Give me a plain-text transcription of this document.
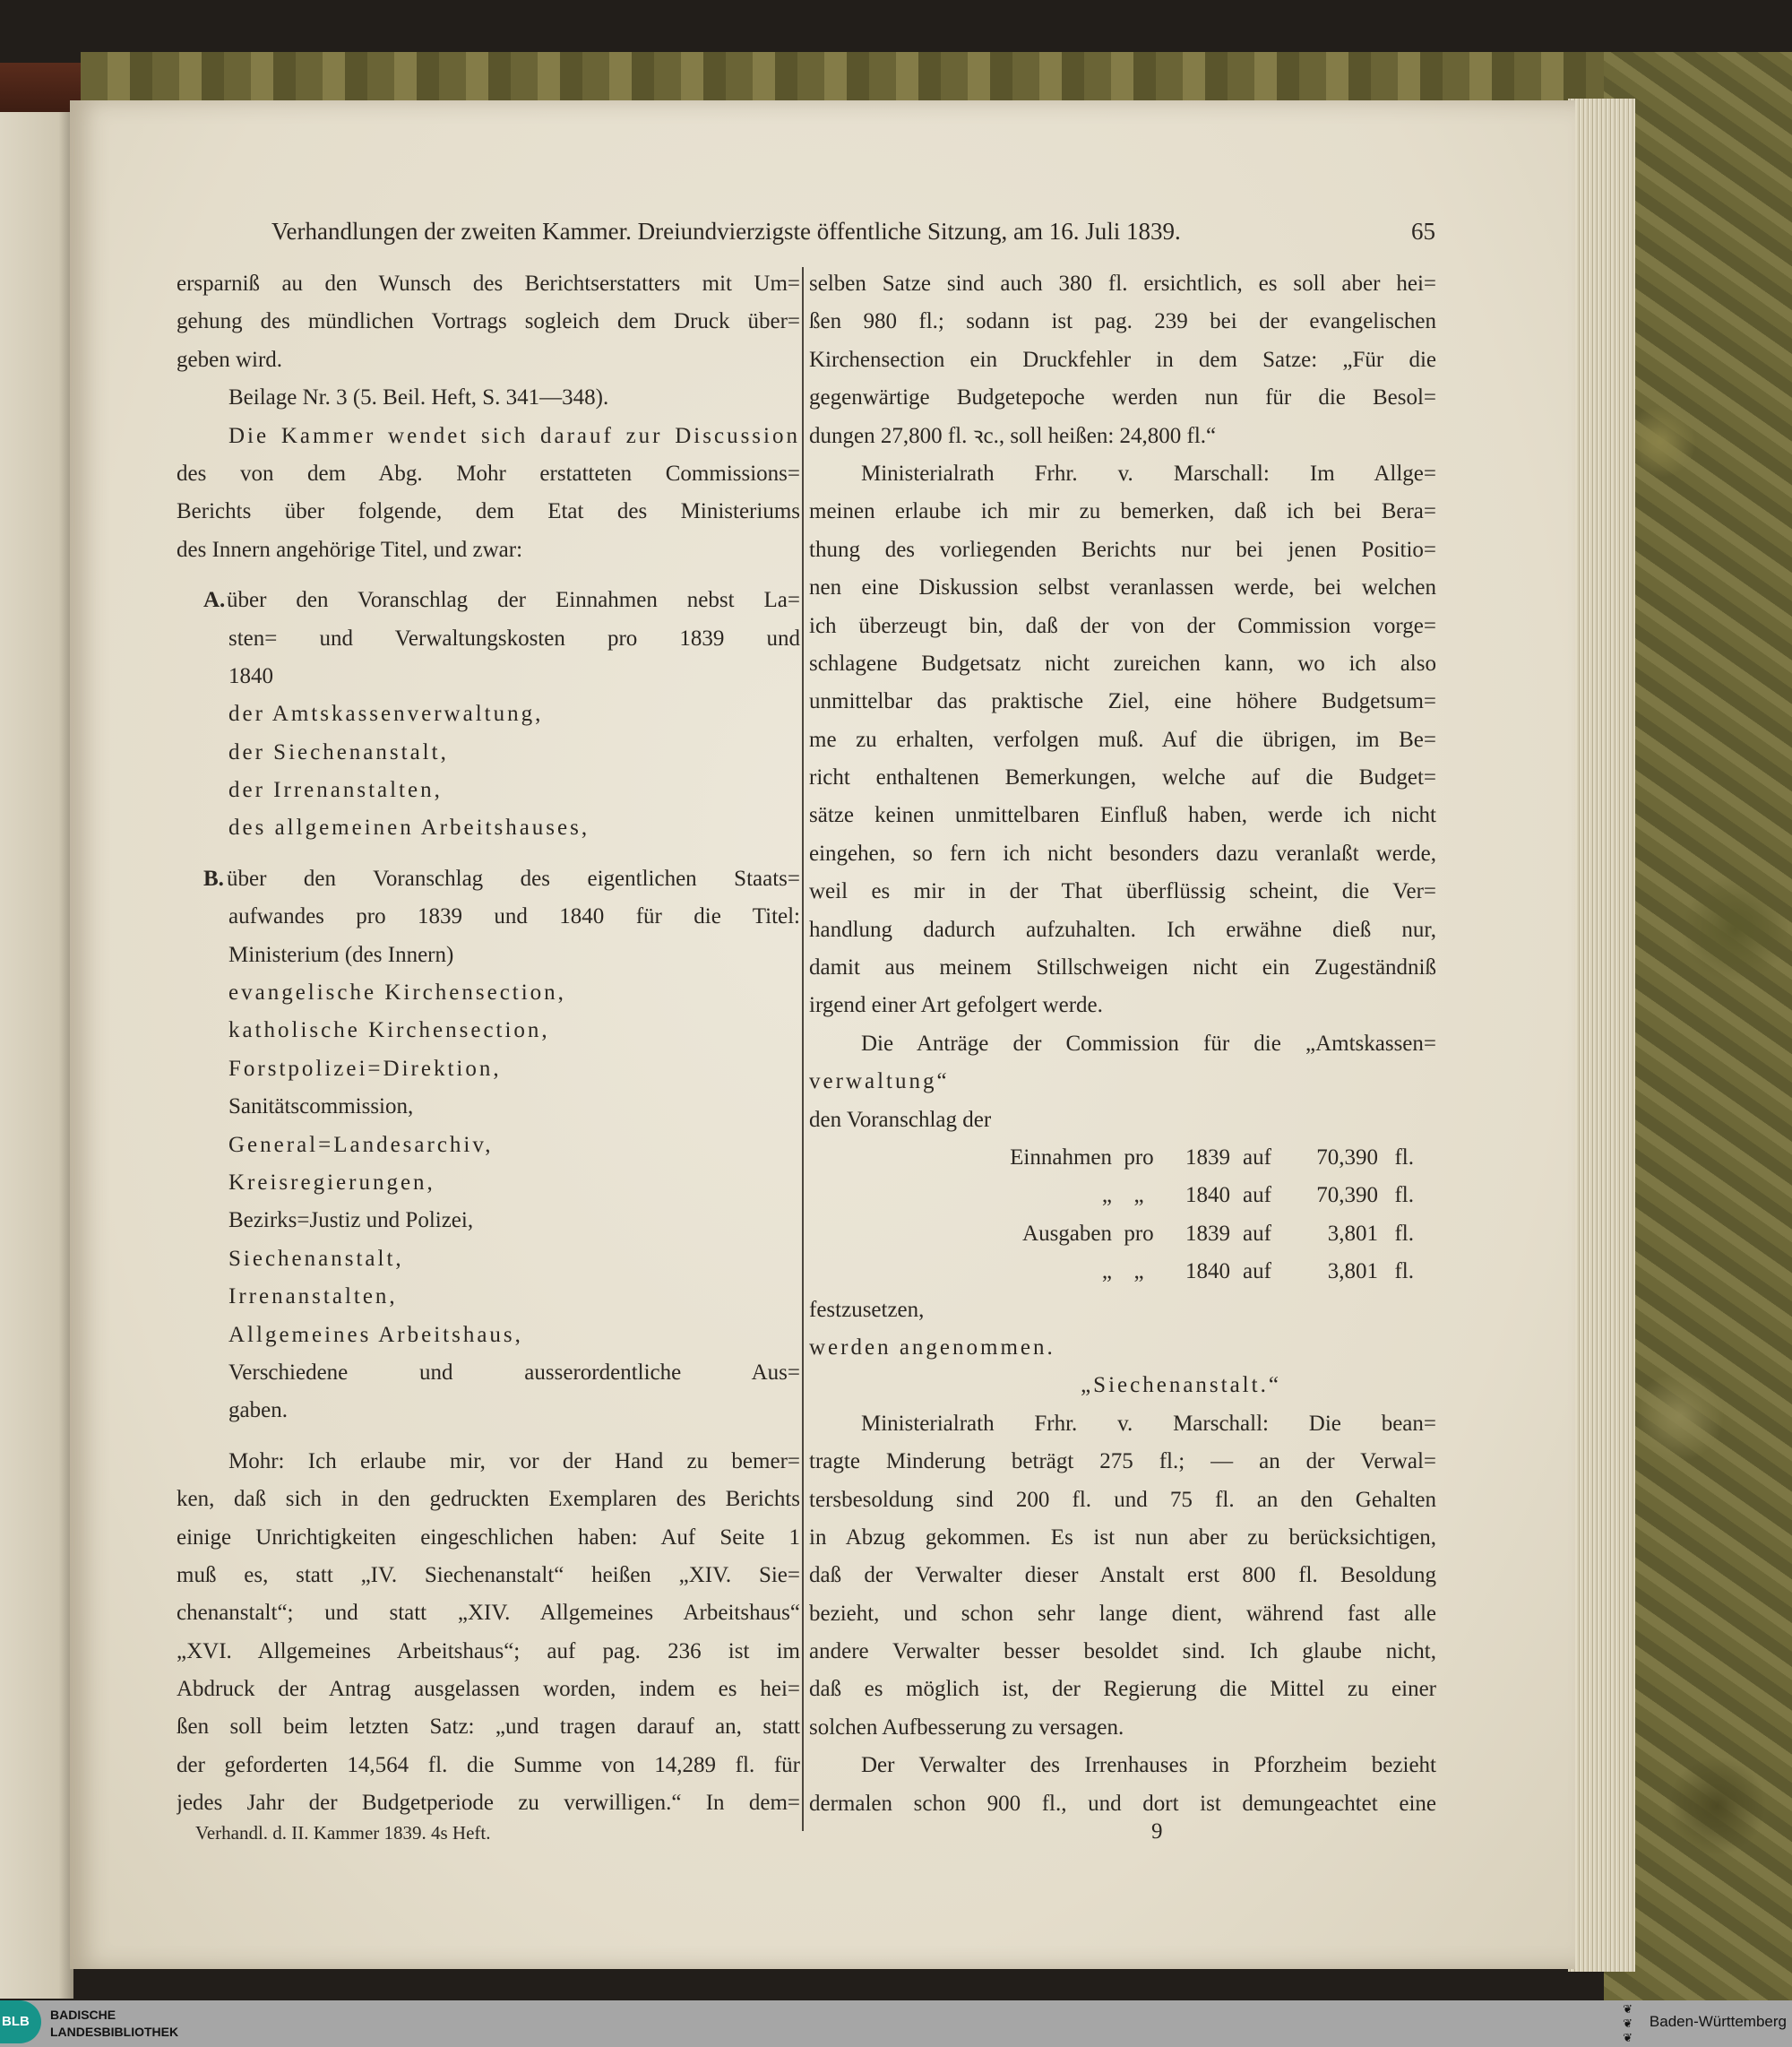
Verhandlungen der zweiten Kammer. Dreiundvierzigste öffentliche Sitzung, am 16. Juli 1839.	65
ersparniß au den Wunsch des Berichtserstatters mit Um=
gehung des mündlichen Vortrags sogleich dem Druck über=
geben wird.
Beilage Nr. 3 (5. Beil. Heft, S. 341—348).
Die Kammer wendet sich darauf zur Discussion
des von dem Abg. Mohr erstatteten Commissions=
Berichts über folgende, dem Etat des Ministeriums
des Innern angehörige Titel, und zwar:
A. über den Voranschlag der Einnahmen nebst La=
sten= und Verwaltungskosten pro 1839 und
1840
der Amtskassenverwaltung,
der Siechenanstalt,
der Irrenanstalten,
des allgemeinen Arbeitshauses,
B. über den Voranschlag des eigentlichen Staats=
aufwandes pro 1839 und 1840 für die Titel:
Ministerium (des Innern)
evangelische Kirchensection,
katholische Kirchensection,
Forstpolizei=Direktion,
Sanitätscommission,
General=Landesarchiv,
Kreisregierungen,
Bezirks=Justiz und Polizei,
Siechenanstalt,
Irrenanstalten,
Allgemeines Arbeitshaus,
Verschiedene und ausserordentliche Aus=
gaben.
Mohr: Ich erlaube mir, vor der Hand zu bemer=
ken, daß sich in den gedruckten Exemplaren des Berichts
einige Unrichtigkeiten eingeschlichen haben: Auf Seite 1
muß es, statt „IV. Siechenanstalt“ heißen „XIV. Sie=
chenanstalt“; und statt „XIV. Allgemeines Arbeitshaus“
„XVI. Allgemeines Arbeitshaus“; auf pag. 236 ist im
Abdruck der Antrag ausgelassen worden, indem es hei=
ßen soll beim letzten Satz: „und tragen darauf an, statt
der geforderten 14,564 fl. die Summe von 14,289 fl. für
jedes Jahr der Budgetperiode zu verwilligen.“ In dem=
selben Satze sind auch 380 fl. ersichtlich, es soll aber hei=
ßen 980 fl.; sodann ist pag. 239 bei der evangelischen
Kirchensection ein Druckfehler in dem Satze: „Für die
gegenwärtige Budgetepoche werden nun für die Besol=
dungen 27,800 fl. ꝛc., soll heißen: 24,800 fl.“
Ministerialrath Frhr. v. Marschall: Im Allge=
meinen erlaube ich mir zu bemerken, daß ich bei Bera=
thung des vorliegenden Berichts nur bei jenen Positio=
nen eine Diskussion selbst veranlassen werde, bei welchen
ich überzeugt bin, daß der von der Commission vorge=
schlagene Budgetsatz nicht zureichen kann, wo ich also
unmittelbar das praktische Ziel, eine höhere Budgetsum=
me zu erhalten, verfolgen muß. Auf die übrigen, im Be=
richt enthaltenen Bemerkungen, welche auf die Budget=
sätze keinen unmittelbaren Einfluß haben, werde ich nicht
eingehen, so fern ich nicht besonders dazu veranlaßt werde,
weil es mir in der That überflüssig scheint, die Ver=
handlung dadurch aufzuhalten. Ich erwähne dieß nur,
damit aus meinem Stillschweigen nicht ein Zugeständniß
irgend einer Art gefolgert werde.
Die Anträge der Commission für die „Amtskassen=
verwaltung“
den Voranschlag der
Einnahmen pro	1839 auf	70,390 fl.
„ „	1840 auf	70,390 fl.
Ausgaben pro	1839 auf	3,801 fl.
„ „	1840 auf	3,801 fl.
festzusetzen,
werden angenommen.
„Siechenanstalt.“
Ministerialrath Frhr. v. Marschall: Die bean=
tragte Minderung beträgt 275 fl.; — an der Verwal=
tersbesoldung sind 200 fl. und 75 fl. an den Gehalten
in Abzug gekommen. Es ist nun aber zu berücksichtigen,
daß der Verwalter dieser Anstalt erst 800 fl. Besoldung
bezieht, und schon sehr lange dient, während fast alle
andere Verwalter besser besoldet sind. Ich glaube nicht,
daß es möglich ist, der Regierung die Mittel zu einer
solchen Aufbesserung zu versagen.
Der Verwalter des Irrenhauses in Pforzheim bezieht
dermalen schon 900 fl., und dort ist demungeachtet eine
Verhandl. d. II. Kammer 1839. 4s Heft.	9
BLB	BADISCHE
LANDESBIBLIOTHEK
❦
❦
❦
Baden-Württemberg
